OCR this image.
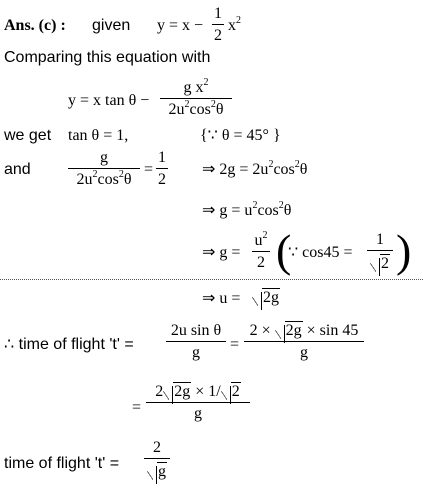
Ans. (c) : given y = x −
1
2
$x^2$
Comparing this equation with
y = x tan θ −
g $x^2$
$2u^2\cos^2\theta$
we get tan θ = 1,	{∵ θ = 45° }
and
g
$2u^2\cos^2\theta$
=
1
2
⇒ $2g = 2u^2\cos^2\theta$
⇒ $g = u^2\cos^2\theta$
⇒ g =
$u^2$
2 (
∵ cos45 =
1
2 )
⇒ u =	2g
∴ time of flight 't' =
2u sin θ
g	=
2 × 2g × sin 45
g
=
2 2g × 1/ 2
g
time of flight 't' =
2
g
